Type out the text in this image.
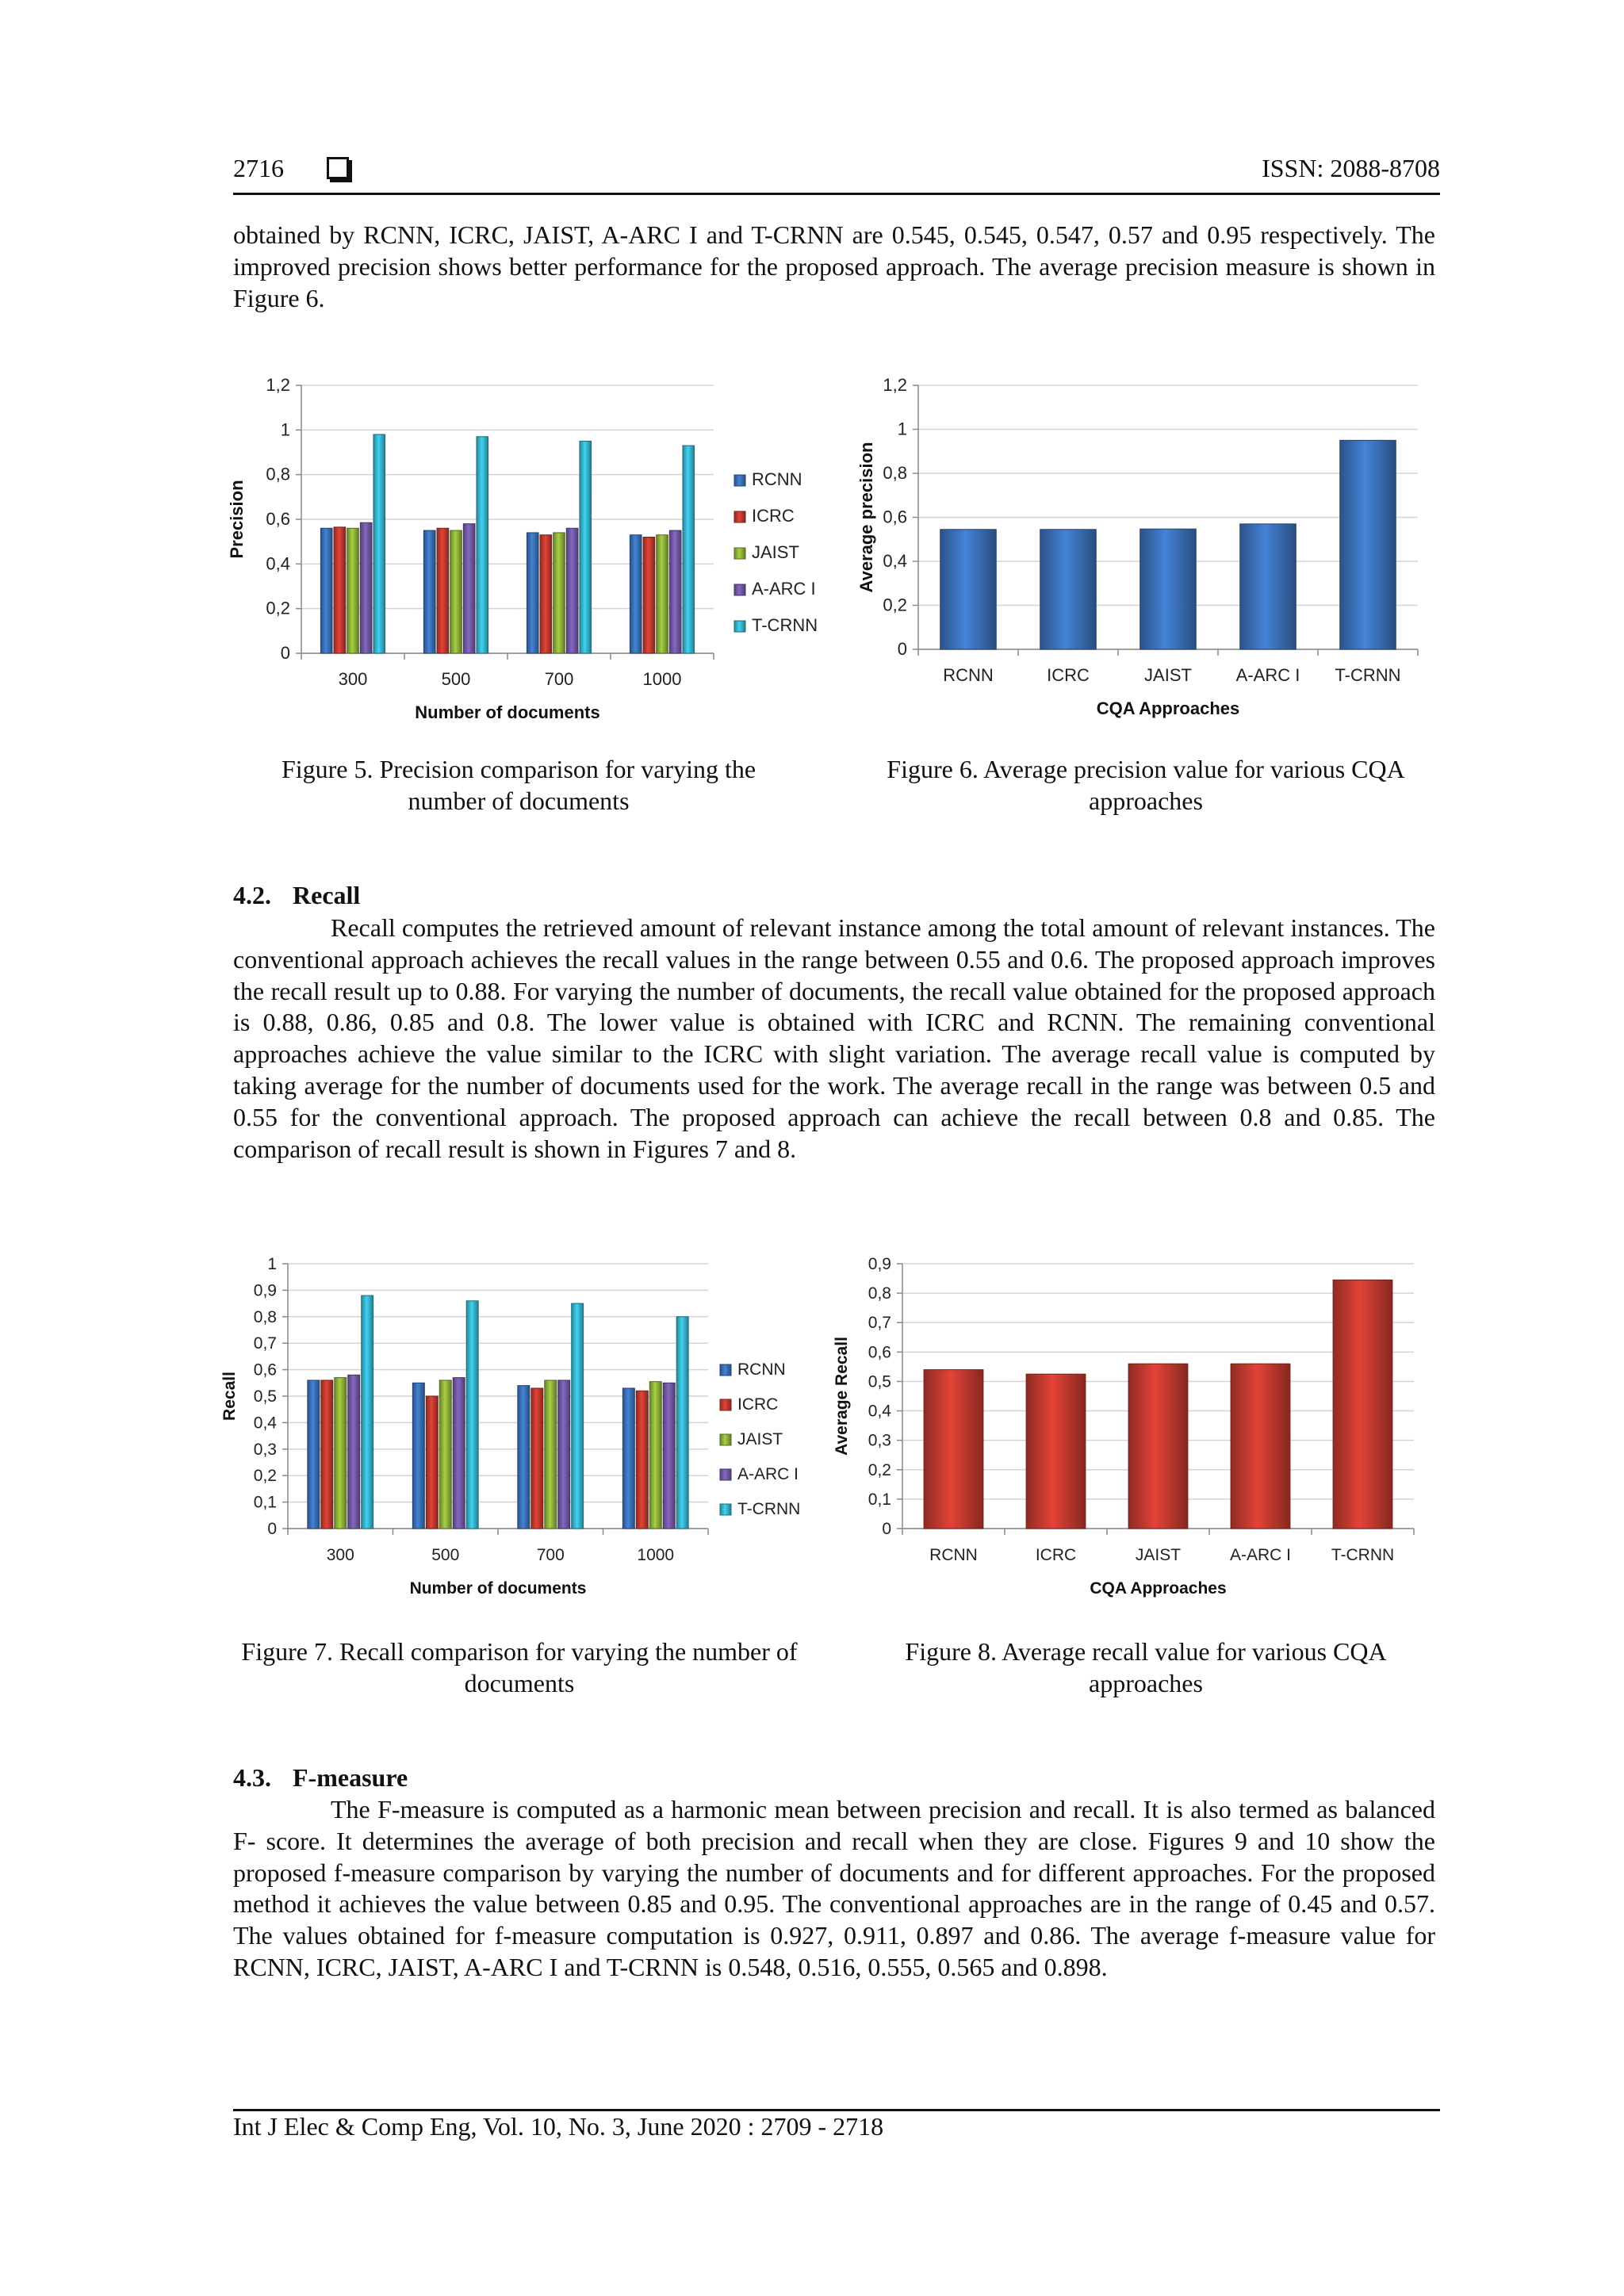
2716	ISSN: 2088-8708

obtained by RCNN, ICRC, JAIST, A-ARC I and T-CRNN are 0.545, 0.545, 0.547, 0.57 and 0.95 respectively. The improved precision shows better performance for the proposed approach. The average precision measure is shown in Figure 6.

0
0,2
0,4
0,6
0,8
1
1,2
300	500	700	1000
RCNN
ICRC
JAIST
A-ARC I
T-CRNN
Number of documents
Precision
Figure 5. Precision comparison for varying the number of documents
0
0,2
0,4
0,6
0,8
1
1,2
RCNN	ICRC	JAIST	A-ARC I T-CRNN
CQA Approaches
Average precision
Figure 6. Average precision value for various CQA approaches
4.2. Recall

Recall computes the retrieved amount of relevant instance among the total amount of relevant instances. The conventional approach achieves the recall values in the range between 0.55 and 0.6. The proposed approach improves the recall result up to 0.88. For varying the number of documents, the recall value obtained for the proposed approach is 0.88, 0.86, 0.85 and 0.8. The lower value is obtained with ICRC and RCNN. The remaining conventional approaches achieve the value similar to the ICRC with slight variation. The average recall value is computed by taking average for the number of documents used for the work. The average recall in the range was between 0.5 and 0.55 for the conventional approach. The proposed approach can achieve the recall between 0.8 and 0.85. The comparison of recall result is shown in Figures 7 and 8.

0
0,1
0,2
0,3
0,4
0,5
0,6
0,7
0,8
0,9
1
300	500	700	1000
RCNN
ICRC
JAIST
A-ARC I
T-CRNN
Number of documents
Recall
Figure 7. Recall comparison for varying the number of documents
0
0,1
0,2
0,3
0,4
0,5
0,6
0,7
0,8
0,9
RCNN	ICRC	JAIST	A-ARC I T-CRNN
CQA Approaches
Average Recall
Figure 8. Average recall value for various CQA approaches
4.3. F-measure

The F-measure is computed as a harmonic mean between precision and recall. It is also termed as balanced F- score. It determines the average of both precision and recall when they are close. Figures 9 and 10 show the proposed f-measure comparison by varying the number of documents and for different approaches. For the proposed method it achieves the value between 0.85 and 0.95. The conventional approaches are in the range of 0.45 and 0.57. The values obtained for f-measure computation is 0.927, 0.911, 0.897 and 0.86. The average f-measure value for RCNN, ICRC, JAIST, A-ARC I and T-CRNN is 0.548, 0.516, 0.555, 0.565 and 0.898.

Int J Elec & Comp Eng, Vol. 10, No. 3, June 2020 : 2709 - 2718
